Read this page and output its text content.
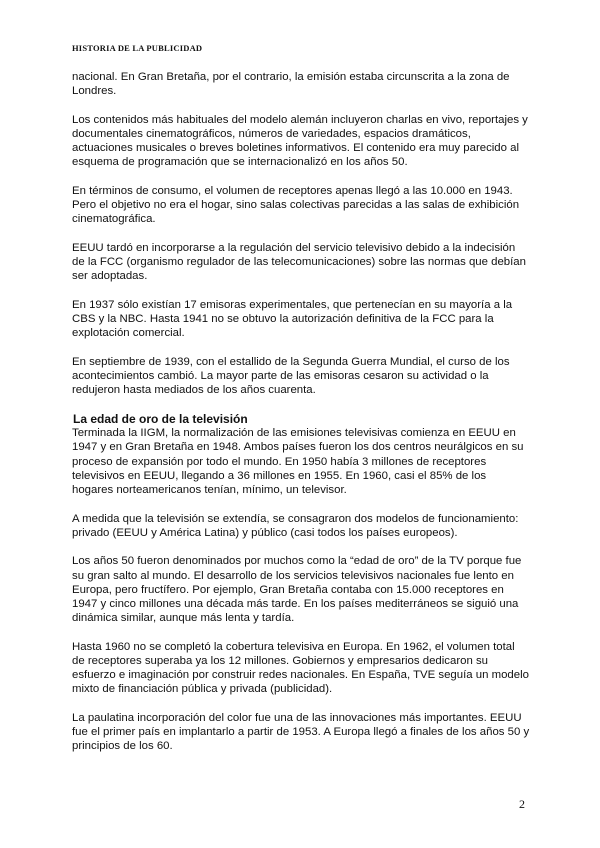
HISTORIA DE LA PUBLICIDAD

nacional. En Gran Bretaña, por el contrario, la emisión estaba circunscrita a la zona de Londres.

Los contenidos más habituales del modelo alemán incluyeron charlas en vivo, reportajes y documentales cinematográficos, números de variedades, espacios dramáticos, actuaciones musicales o breves boletines informativos. El contenido era muy parecido al esquema de programación que se internacionalizó en los años 50.

En términos de consumo, el volumen de receptores apenas llegó a las 10.000 en 1943. Pero el objetivo no era el hogar, sino salas colectivas parecidas a las salas de exhibición cinematográfica.

EEUU tardó en incorporarse a la regulación del servicio televisivo debido a la indecisión de la FCC (organismo regulador de las telecomunicaciones) sobre las normas que debían ser adoptadas.

En 1937 sólo existían 17 emisoras experimentales, que pertenecían en su mayoría a la CBS y la NBC. Hasta 1941 no se obtuvo la autorización definitiva de la FCC para la explotación comercial.

En septiembre de 1939, con el estallido de la Segunda Guerra Mundial, el curso de los acontecimientos cambió. La mayor parte de las emisoras cesaron su actividad o la redujeron hasta mediados de los años cuarenta.

La edad de oro de la televisión

Terminada la IIGM, la normalización de las emisiones televisivas comienza en EEUU en 1947 y en Gran Bretaña en 1948. Ambos países fueron los dos centros neurálgicos en su proceso de expansión por todo el mundo. En 1950 había 3 millones de receptores televisivos en EEUU, llegando a 36 millones en 1955. En 1960, casi el 85% de los hogares norteamericanos tenían, mínimo, un televisor.

A medida que la televisión se extendía, se consagraron dos modelos de funcionamiento: privado (EEUU y América Latina) y público (casi todos los países europeos).

Los años 50 fueron denominados por muchos como la “edad de oro” de la TV porque fue su gran salto al mundo. El desarrollo de los servicios televisivos nacionales fue lento en Europa, pero fructífero. Por ejemplo, Gran Bretaña contaba con 15.000 receptores en 1947 y cinco millones una década más tarde. En los países mediterráneos se siguió una dinámica similar, aunque más lenta y tardía.

Hasta 1960 no se completó la cobertura televisiva en Europa. En 1962, el volumen total de receptores superaba ya los 12 millones. Gobiernos y empresarios dedicaron su esfuerzo e imaginación por construir redes nacionales. En España, TVE seguía un modelo mixto de financiación pública y privada (publicidad).

La paulatina incorporación del color fue una de las innovaciones más importantes. EEUU fue el primer país en implantarlo a partir de 1953. A Europa llegó a finales de los años 50 y principios de los 60.

2
